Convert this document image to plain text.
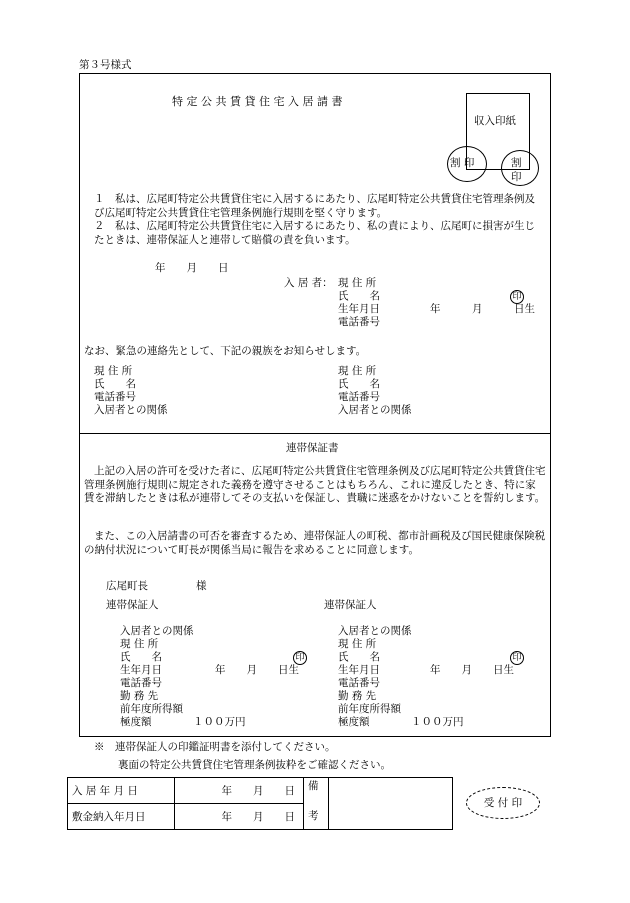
第３号様式
特 定 公 共 賃 貸 住 宅 入 居 請 書
収入印紙
割 印	割
印
１　私は、広尾町特定公共賃貸住宅に入居するにあたり、広尾町特定公共賃貸住宅管理条例及び広尾町特定公共賃貸住宅管理条例施行規則を堅く守ります。
２　私は、広尾町特定公共賃貸住宅に入居するにあたり、私の責により、広尾町に損害が生じたときは、連帯保証人と連帯して賠償の責を負います。
年　　月　　日
入 居 者： 現 住 所
氏　　名	印
生年月日	年　　　月　　　日生
電話番号
なお、緊急の連絡先として、下記の親族をお知らせします。
現 住 所
氏　　名
電話番号
入居者との関係
現 住 所
氏　　名
電話番号
入居者との関係
連帯保証書
上記の入居の許可を受けた者に、広尾町特定公共賃貸住宅管理条例及び広尾町特定公共賃貸住宅管理条例施行規則に規定された義務を遵守させることはもちろん、これに違反したとき、特に家賃を滞納したときは私が連帯してその支払いを保証し、貴職に迷惑をかけないことを誓約します。
また、この入居請書の可否を審査するため、連帯保証人の町税、都市計画税及び国民健康保険税の納付状況について町長が関係当局に報告を求めることに同意します。
広尾町長	様
連帯保証人	連帯保証人
入居者との関係
現 住 所
氏　　名	印
生年月日	年　　月　　日生
電話番号
勤 務 先
前年度所得額
極度額	１００万円
入居者との関係
現 住 所
氏　　名	印
生年月日	年　　月　　日生
電話番号
勤 務 先
前年度所得額
極度額	１００万円
※　連帯保証人の印鑑証明書を添付してください。
裏面の特定公共賃貸住宅管理条例抜粋をご確認ください。
入 居 年 月 日	年　　月　　日	備
考	

敷金納入年月日	年　　月　　日		
受 付 印
